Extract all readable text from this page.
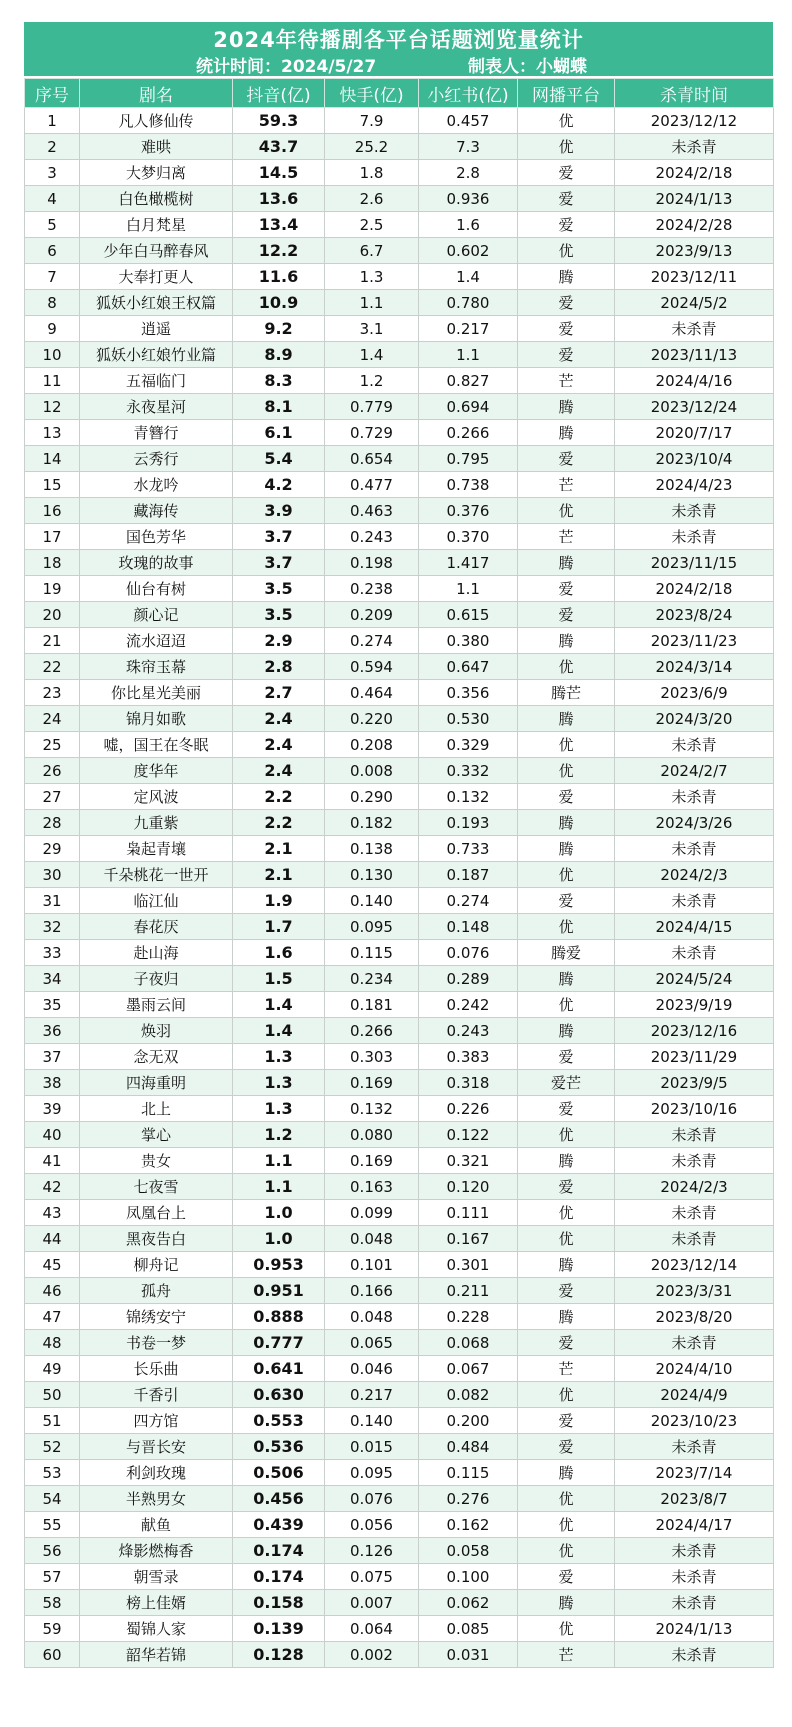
2024年待播剧各平台话题浏览量统计
统计时间：2024/5/27	制表人：小蝴蝶
序号	剧名	抖音(亿)	快手(亿)	小红书(亿)	网播平台	杀青时间
1	凡人修仙传	59.3	7.9	0.457	优	2023/12/12
2	难哄	43.7	25.2	7.3	优	未杀青
3	大梦归离	14.5	1.8	2.8	爱	2024/2/18
4	白色橄榄树	13.6	2.6	0.936	爱	2024/1/13
5	白月梵星	13.4	2.5	1.6	爱	2024/2/28
6	少年白马醉春风	12.2	6.7	0.602	优	2023/9/13
7	大奉打更人	11.6	1.3	1.4	腾	2023/12/11
8	狐妖小红娘王权篇	10.9	1.1	0.780	爱	2024/5/2
9	逍遥	9.2	3.1	0.217	爱	未杀青
10	狐妖小红娘竹业篇	8.9	1.4	1.1	爱	2023/11/13
11	五福临门	8.3	1.2	0.827	芒	2024/4/16
12	永夜星河	8.1	0.779	0.694	腾	2023/12/24
13	青簪行	6.1	0.729	0.266	腾	2020/7/17
14	云秀行	5.4	0.654	0.795	爱	2023/10/4
15	水龙吟	4.2	0.477	0.738	芒	2024/4/23
16	藏海传	3.9	0.463	0.376	优	未杀青
17	国色芳华	3.7	0.243	0.370	芒	未杀青
18	玫瑰的故事	3.7	0.198	1.417	腾	2023/11/15
19	仙台有树	3.5	0.238	1.1	爱	2024/2/18
20	颜心记	3.5	0.209	0.615	爱	2023/8/24
21	流水迢迢	2.9	0.274	0.380	腾	2023/11/23
22	珠帘玉幕	2.8	0.594	0.647	优	2024/3/14
23	你比星光美丽	2.7	0.464	0.356	腾芒	2023/6/9
24	锦月如歌	2.4	0.220	0.530	腾	2024/3/20
25	嘘，国王在冬眠	2.4	0.208	0.329	优	未杀青
26	度华年	2.4	0.008	0.332	优	2024/2/7
27	定风波	2.2	0.290	0.132	爱	未杀青
28	九重紫	2.2	0.182	0.193	腾	2024/3/26
29	枭起青壤	2.1	0.138	0.733	腾	未杀青
30	千朵桃花一世开	2.1	0.130	0.187	优	2024/2/3
31	临江仙	1.9	0.140	0.274	爱	未杀青
32	春花厌	1.7	0.095	0.148	优	2024/4/15
33	赴山海	1.6	0.115	0.076	腾爱	未杀青
34	子夜归	1.5	0.234	0.289	腾	2024/5/24
35	墨雨云间	1.4	0.181	0.242	优	2023/9/19
36	焕羽	1.4	0.266	0.243	腾	2023/12/16
37	念无双	1.3	0.303	0.383	爱	2023/11/29
38	四海重明	1.3	0.169	0.318	爱芒	2023/9/5
39	北上	1.3	0.132	0.226	爱	2023/10/16
40	掌心	1.2	0.080	0.122	优	未杀青
41	贵女	1.1	0.169	0.321	腾	未杀青
42	七夜雪	1.1	0.163	0.120	爱	2024/2/3
43	凤凰台上	1.0	0.099	0.111	优	未杀青
44	黑夜告白	1.0	0.048	0.167	优	未杀青
45	柳舟记	0.953	0.101	0.301	腾	2023/12/14
46	孤舟	0.951	0.166	0.211	爱	2023/3/31
47	锦绣安宁	0.888	0.048	0.228	腾	2023/8/20
48	书卷一梦	0.777	0.065	0.068	爱	未杀青
49	长乐曲	0.641	0.046	0.067	芒	2024/4/10
50	千香引	0.630	0.217	0.082	优	2024/4/9
51	四方馆	0.553	0.140	0.200	爱	2023/10/23
52	与晋长安	0.536	0.015	0.484	爱	未杀青
53	利剑玫瑰	0.506	0.095	0.115	腾	2023/7/14
54	半熟男女	0.456	0.076	0.276	优	2023/8/7
55	献鱼	0.439	0.056	0.162	优	2024/4/17
56	烽影燃梅香	0.174	0.126	0.058	优	未杀青
57	朝雪录	0.174	0.075	0.100	爱	未杀青
58	榜上佳婿	0.158	0.007	0.062	腾	未杀青
59	蜀锦人家	0.139	0.064	0.085	优	2024/1/13
60	韶华若锦	0.128	0.002	0.031	芒	未杀青
